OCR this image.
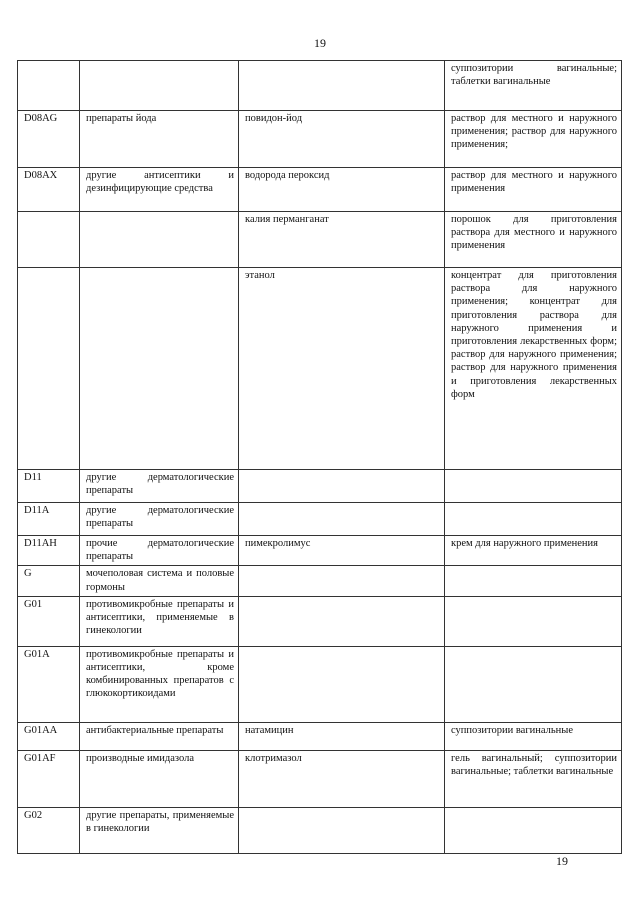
19
			суппозитории вагинальные; таблетки вагинальные
D08AG	препараты йода	повидон-йод	раствор для местного и наружного применения; раствор для наружного применения;
D08AX	другие антисептики и дезинфицирующие средства	водорода пероксид	раствор для местного и наружного применения
		калия перманганат	порошок для приготовления раствора для местного и наружного применения
		этанол	концентрат для приготовления раствора для наружного применения; концентрат для приготовления раствора для наружного применения и приготовления лекарственных форм; раствор для наружного применения; раствор для наружного применения и приготовления лекарственных форм
D11	другие дерматологические препараты		
D11A	другие дерматологические препараты		
D11AH	прочие дерматологические препараты	пимекролимус	крем для наружного применения
G	мочеполовая система и половые гормоны		
G01	противомикробные препараты и антисептики, применяемые в гинекологии		
G01A	противомикробные препараты и антисептики, кроме комбинированных препаратов с глюкокортикоидами		
G01AA	антибактериальные препараты	натамицин	суппозитории вагинальные
G01AF	производные имидазола	клотримазол	гель вагинальный; суппозитории вагинальные; таблетки вагинальные
G02	другие препараты, применяемые в гинекологии		
19
